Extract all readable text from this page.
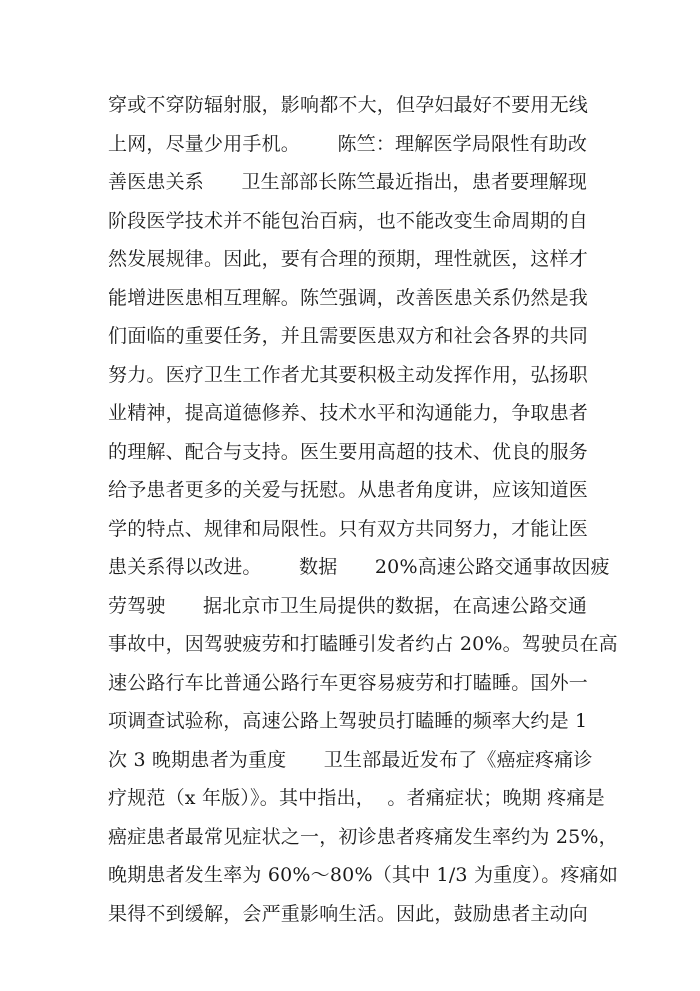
穿或不穿防辐射服，影响都不大，但孕妇最好不要用无线
上网，尽量少用手机。      陈竺：理解医学局限性有助改
善医患关系      卫生部部长陈竺最近指出，患者要理解现
阶段医学技术并不能包治百病，也不能改变生命周期的自
然发展规律。因此，要有合理的预期，理性就医，这样才
能增进医患相互理解。陈竺强调，改善医患关系仍然是我
们面临的重要任务，并且需要医患双方和社会各界的共同
努力。医疗卫生工作者尤其要积极主动发挥作用，弘扬职
业精神，提高道德修养、技术水平和沟通能力，争取患者
的理解、配合与支持。医生要用高超的技术、优良的服务
给予患者更多的关爱与抚慰。从患者角度讲，应该知道医
学的特点、规律和局限性。只有双方共同努力，才能让医
患关系得以改进。      数据      20%高速公路交通事故因疲
劳驾驶      据北京市卫生局提供的数据，在高速公路交通
事故中，因驾驶疲劳和打瞌睡引发者约占 20%。驾驶员在高
速公路行车比普通公路行车更容易疲劳和打瞌睡。国外一
项调查试验称，高速公路上驾驶员打瞌睡的频率大约是 1
次 3 晚期患者为重度      卫生部最近发布了《癌症疼痛诊
疗规范（x 年版）》。其中指出，  。者痛症状；晚期 疼痛是
癌症患者最常见症状之一，初诊患者疼痛发生率约为 25%，
晚期患者发生率为 60%～80%（其中 1/3 为重度）。疼痛如
果得不到缓解，会严重影响生活。因此，鼓励患者主动向
